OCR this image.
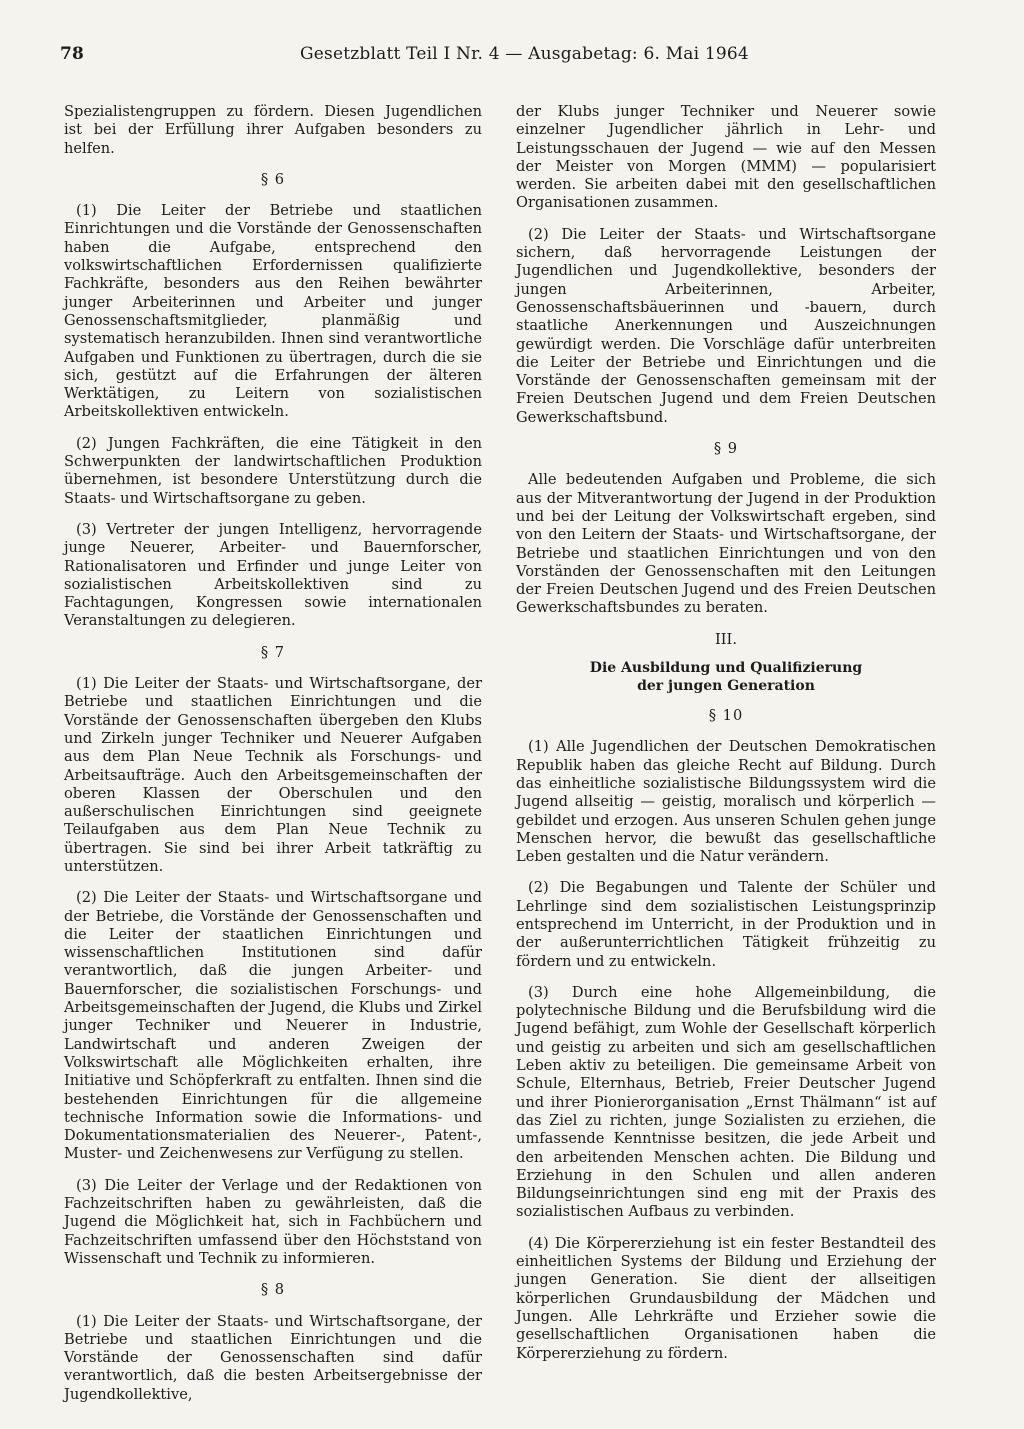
78	Gesetzblatt Teil I Nr. 4 — Ausgabetag: 6. Mai 1964

Spezialistengruppen zu fördern. Diesen Jugendlichen ist bei der Erfüllung ihrer Aufgaben besonders zu helfen.

§ 6

(1) Die Leiter der Betriebe und staatlichen Einrichtungen und die Vorstände der Genossenschaften haben die Aufgabe, entsprechend den volkswirtschaftlichen Erfordernissen qualifizierte Fachkräfte, besonders aus den Reihen bewährter junger Arbeiterinnen und Arbeiter und junger Genossenschaftsmitglieder, planmäßig und systematisch heranzubilden. Ihnen sind verantwortliche Aufgaben und Funktionen zu übertragen, durch die sie sich, gestützt auf die Erfahrungen der älteren Werktätigen, zu Leitern von sozialistischen Arbeitskollektiven entwickeln.

(2) Jungen Fachkräften, die eine Tätigkeit in den Schwerpunkten der landwirtschaftlichen Produktion übernehmen, ist besondere Unterstützung durch die Staats- und Wirtschaftsorgane zu geben.

(3) Vertreter der jungen Intelligenz, hervorragende junge Neuerer, Arbeiter- und Bauernforscher, Rationalisatoren und Erfinder und junge Leiter von sozialistischen Arbeitskollektiven sind zu Fachtagungen, Kongressen sowie internationalen Veranstaltungen zu delegieren.

§ 7

(1) Die Leiter der Staats- und Wirtschaftsorgane, der Betriebe und staatlichen Einrichtungen und die Vorstände der Genossenschaften übergeben den Klubs und Zirkeln junger Techniker und Neuerer Aufgaben aus dem Plan Neue Technik als Forschungs- und Arbeitsaufträge. Auch den Arbeitsgemeinschaften der oberen Klassen der Oberschulen und den außerschulischen Einrichtungen sind geeignete Teilaufgaben aus dem Plan Neue Technik zu übertragen. Sie sind bei ihrer Arbeit tatkräftig zu unterstützen.

(2) Die Leiter der Staats- und Wirtschaftsorgane und der Betriebe, die Vorstände der Genossenschaften und die Leiter der staatlichen Einrichtungen und wissenschaftlichen Institutionen sind dafür verantwortlich, daß die jungen Arbeiter- und Bauernforscher, die sozialistischen Forschungs- und Arbeitsgemeinschaften der Jugend, die Klubs und Zirkel junger Techniker und Neuerer in Industrie, Landwirtschaft und anderen Zweigen der Volkswirtschaft alle Möglichkeiten erhalten, ihre Initiative und Schöpferkraft zu entfalten. Ihnen sind die bestehenden Einrichtungen für die allgemeine technische Information sowie die Informations- und Dokumentationsmaterialien des Neuerer-, Patent-, Muster- und Zeichenwesens zur Verfügung zu stellen.

(3) Die Leiter der Verlage und der Redaktionen von Fachzeitschriften haben zu gewährleisten, daß die Jugend die Möglichkeit hat, sich in Fachbüchern und Fachzeitschriften umfassend über den Höchststand von Wissenschaft und Technik zu informieren.

§ 8

(1) Die Leiter der Staats- und Wirtschaftsorgane, der Betriebe und staatlichen Einrichtungen und die Vorstände der Genossenschaften sind dafür verantwortlich, daß die besten Arbeitsergebnisse der Jugendkollektive,

der Klubs junger Techniker und Neuerer sowie einzelner Jugendlicher jährlich in Lehr- und Leistungsschauen der Jugend — wie auf den Messen der Meister von Morgen (MMM) — popularisiert werden. Sie arbeiten dabei mit den gesellschaftlichen Organisationen zusammen.

(2) Die Leiter der Staats- und Wirtschaftsorgane sichern, daß hervorragende Leistungen der Jugendlichen und Jugendkollektive, besonders der jungen Arbeiterinnen, Arbeiter, Genossenschaftsbäuerinnen und -bauern, durch staatliche Anerkennungen und Auszeichnungen gewürdigt werden. Die Vorschläge dafür unterbreiten die Leiter der Betriebe und Einrichtungen und die Vorstände der Genossenschaften gemeinsam mit der Freien Deutschen Jugend und dem Freien Deutschen Gewerkschaftsbund.

§ 9

Alle bedeutenden Aufgaben und Probleme, die sich aus der Mitverantwortung der Jugend in der Produktion und bei der Leitung der Volkswirtschaft ergeben, sind von den Leitern der Staats- und Wirtschaftsorgane, der Betriebe und staatlichen Einrichtungen und von den Vorständen der Genossenschaften mit den Leitungen der Freien Deutschen Jugend und des Freien Deutschen Gewerkschaftsbundes zu beraten.

III.
Die Ausbildung und Qualifizierung
der jungen Generation
§ 10

(1) Alle Jugendlichen der Deutschen Demokratischen Republik haben das gleiche Recht auf Bildung. Durch das einheitliche sozialistische Bildungssystem wird die Jugend allseitig — geistig, moralisch und körperlich — gebildet und erzogen. Aus unseren Schulen gehen junge Menschen hervor, die bewußt das gesellschaftliche Leben gestalten und die Natur verändern.

(2) Die Begabungen und Talente der Schüler und Lehrlinge sind dem sozialistischen Leistungsprinzip entsprechend im Unterricht, in der Produktion und in der außerunterrichtlichen Tätigkeit frühzeitig zu fördern und zu entwickeln.

(3) Durch eine hohe Allgemeinbildung, die polytechnische Bildung und die Berufsbildung wird die Jugend befähigt, zum Wohle der Gesellschaft körperlich und geistig zu arbeiten und sich am gesellschaftlichen Leben aktiv zu beteiligen. Die gemeinsame Arbeit von Schule, Elternhaus, Betrieb, Freier Deutscher Jugend und ihrer Pionierorganisation „Ernst Thälmann“ ist auf das Ziel zu richten, junge Sozialisten zu erziehen, die umfassende Kenntnisse besitzen, die jede Arbeit und den arbeitenden Menschen achten. Die Bildung und Erziehung in den Schulen und allen anderen Bildungseinrichtungen sind eng mit der Praxis des sozialistischen Aufbaus zu verbinden.

(4) Die Körpererziehung ist ein fester Bestandteil des einheitlichen Systems der Bildung und Erziehung der jungen Generation. Sie dient der allseitigen körperlichen Grundausbildung der Mädchen und Jungen. Alle Lehrkräfte und Erzieher sowie die gesellschaftlichen Organisationen haben die Körpererziehung zu fördern.
